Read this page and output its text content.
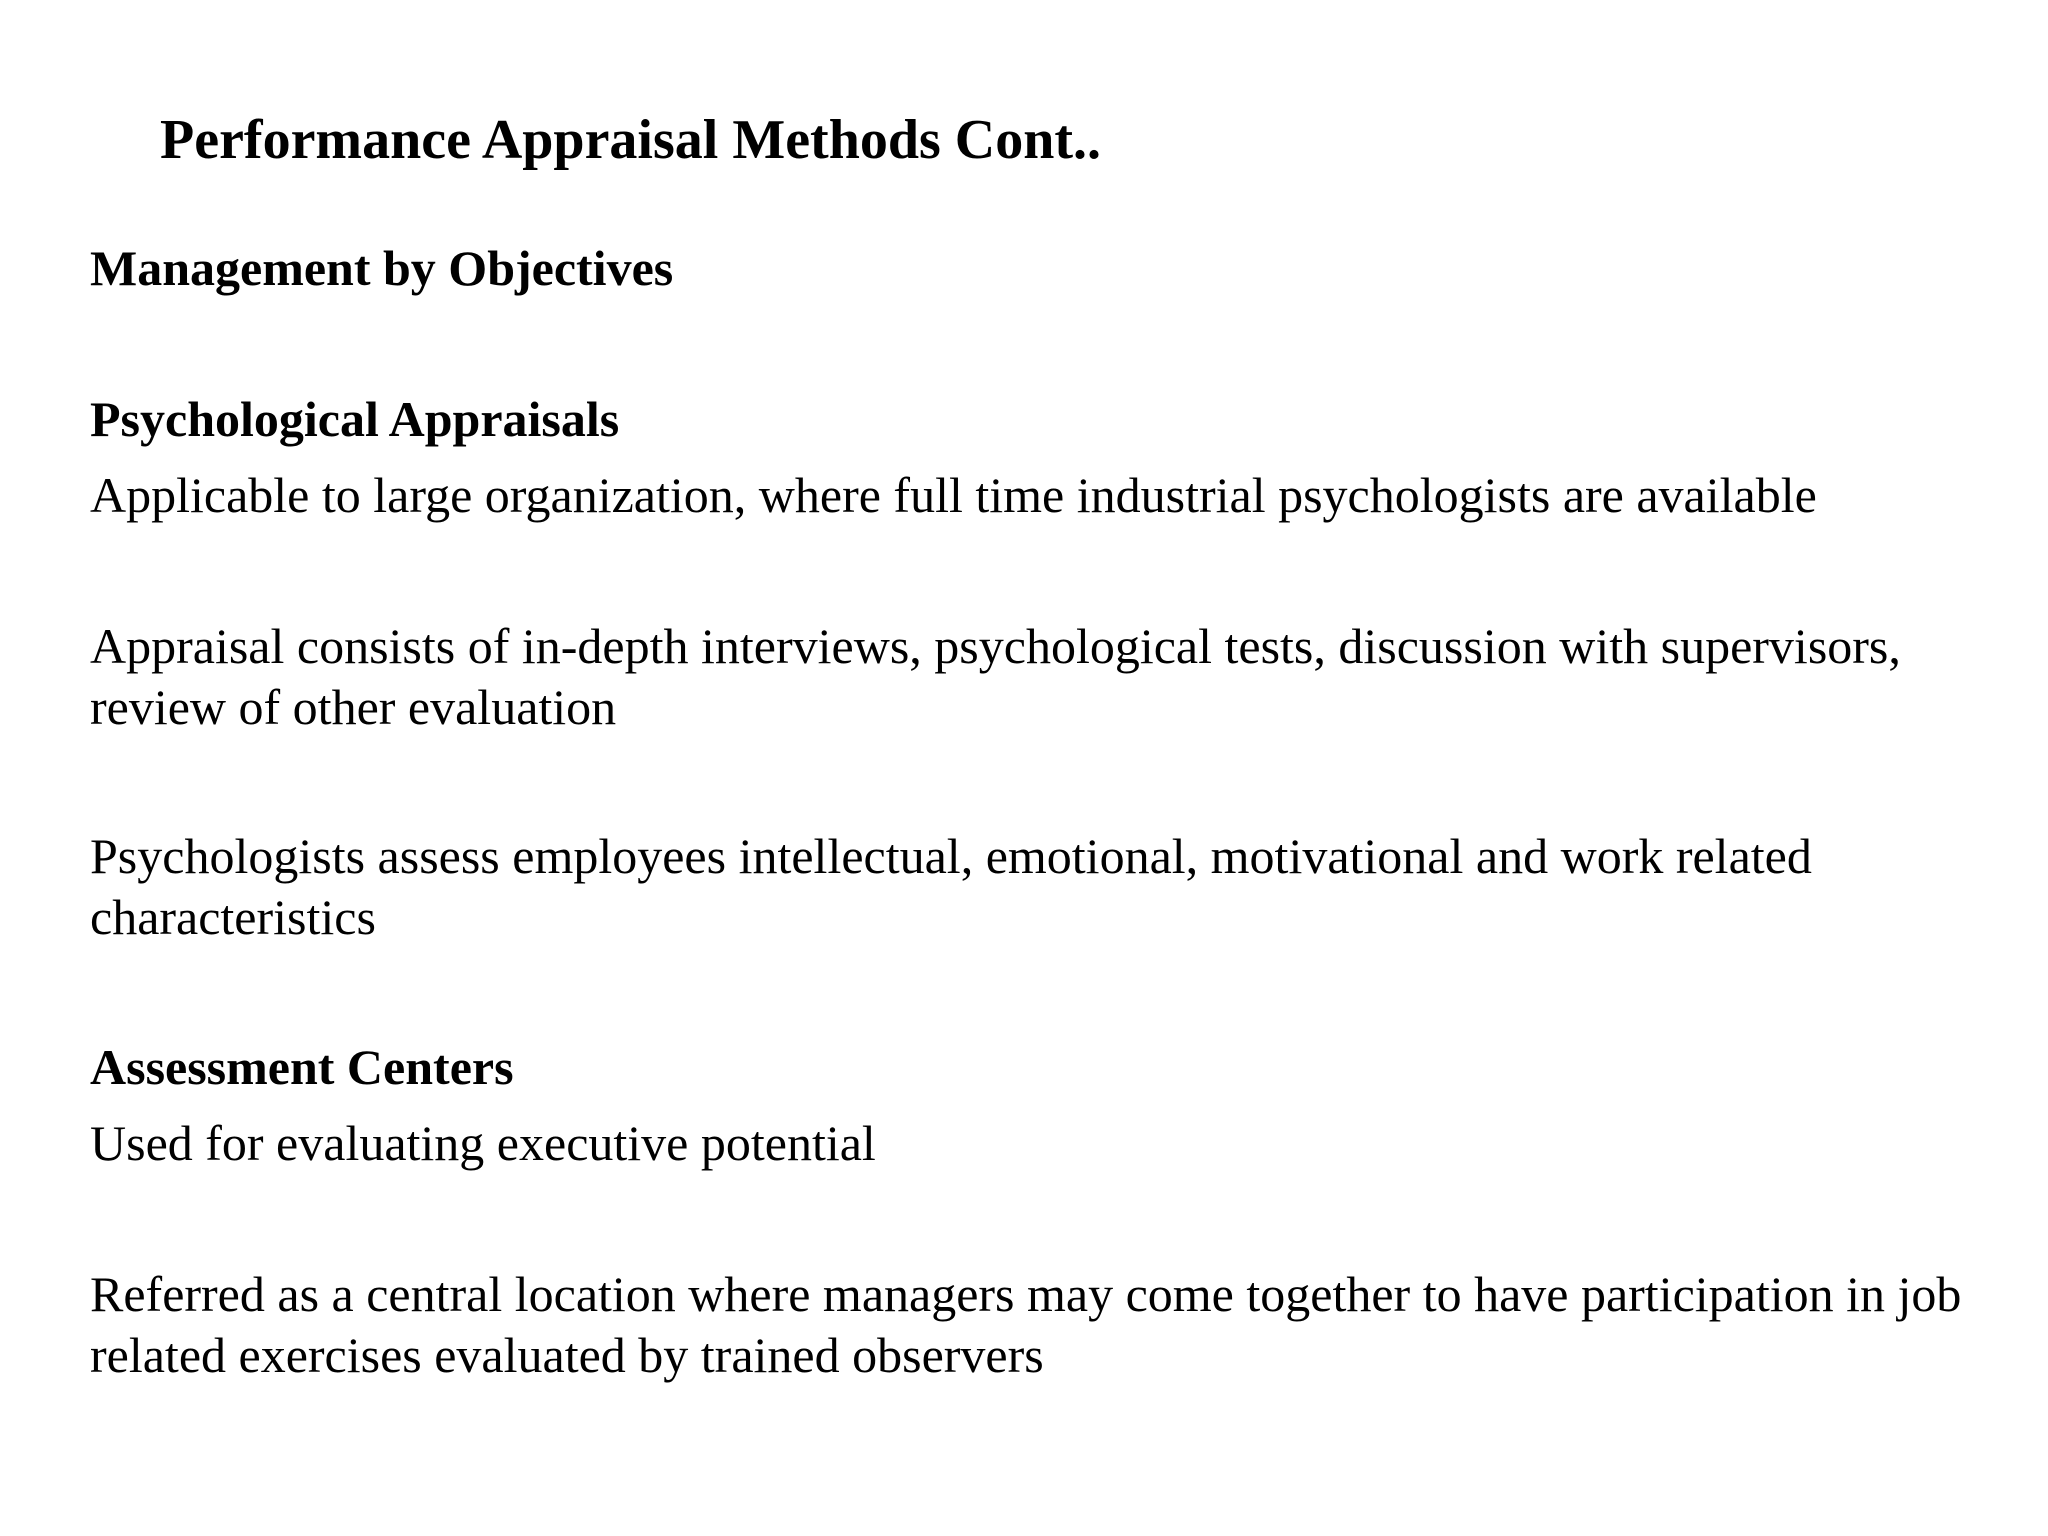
Performance Appraisal Methods Cont..
Management by Objectives
Psychological Appraisals
Applicable to large organization, where full time industrial psychologists are available
Appraisal consists of in-depth interviews, psychological tests, discussion with supervisors, review of other evaluation
Psychologists assess employees intellectual, emotional, motivational and work related characteristics
Assessment Centers
Used for evaluating executive potential
Referred as a central location where managers may come together to have participation in job related exercises evaluated by trained observers
